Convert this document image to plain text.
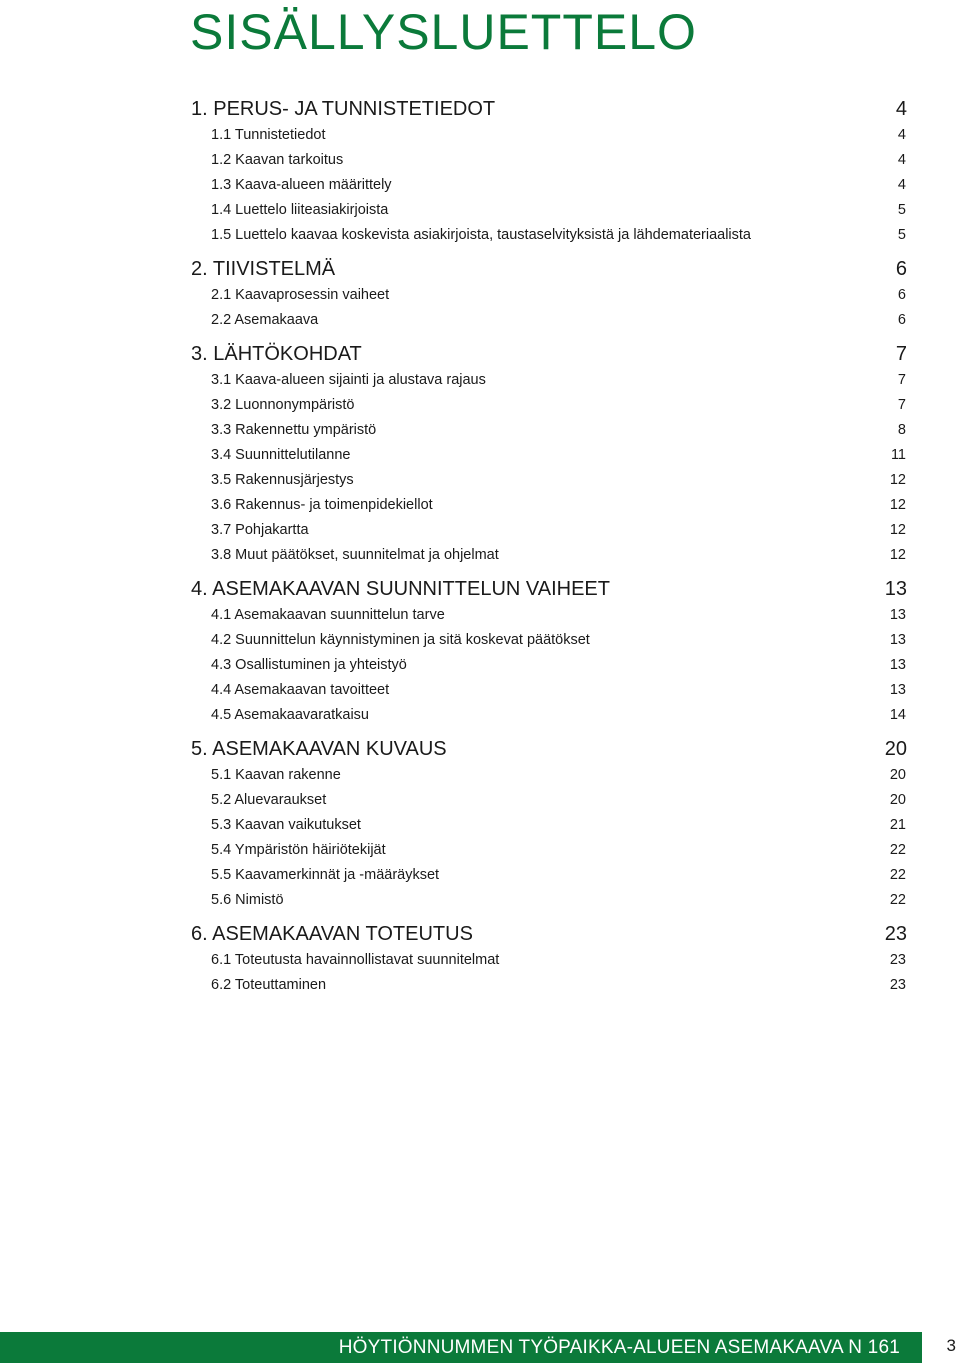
SISÄLLYSLUETTELO
1. PERUS- JA TUNNISTETIEDOT	4
1.1 Tunnistetiedot	4
1.2 Kaavan tarkoitus	4
1.3 Kaava-alueen määrittely	4
1.4 Luettelo liiteasiakirjoista	5
1.5 Luettelo kaavaa koskevista asiakirjoista, taustaselvityksistä ja lähdemateriaalista	5
2. TIIVISTELMÄ	6
2.1 Kaavaprosessin vaiheet	6
2.2 Asemakaava	6
3. LÄHTÖKOHDAT	7
3.1 Kaava-alueen sijainti ja alustava rajaus	7
3.2 Luonnonympäristö	7
3.3 Rakennettu ympäristö	8
3.4 Suunnittelutilanne	11
3.5 Rakennusjärjestys	12
3.6 Rakennus- ja toimenpidekiellot	12
3.7 Pohjakartta	12
3.8 Muut päätökset, suunnitelmat ja ohjelmat	12
4. ASEMAKAAVAN SUUNNITTELUN VAIHEET	13
4.1 Asemakaavan suunnittelun tarve	13
4.2 Suunnittelun käynnistyminen ja sitä koskevat päätökset	13
4.3 Osallistuminen ja yhteistyö	13
4.4 Asemakaavan tavoitteet	13
4.5 Asemakaavaratkaisu	14
5. ASEMAKAAVAN KUVAUS	20
5.1 Kaavan rakenne	20
5.2 Aluevaraukset	20
5.3 Kaavan vaikutukset	21
5.4 Ympäristön häiriötekijät	22
5.5 Kaavamerkinnät ja -määräykset	22
5.6 Nimistö	22
6. ASEMAKAAVAN TOTEUTUS	23
6.1 Toteutusta havainnollistavat suunnitelmat	23
6.2 Toteuttaminen	23
HÖYTIÖNNUMMEN TYÖPAIKKA-ALUEEN ASEMAKAAVA N 161	3
